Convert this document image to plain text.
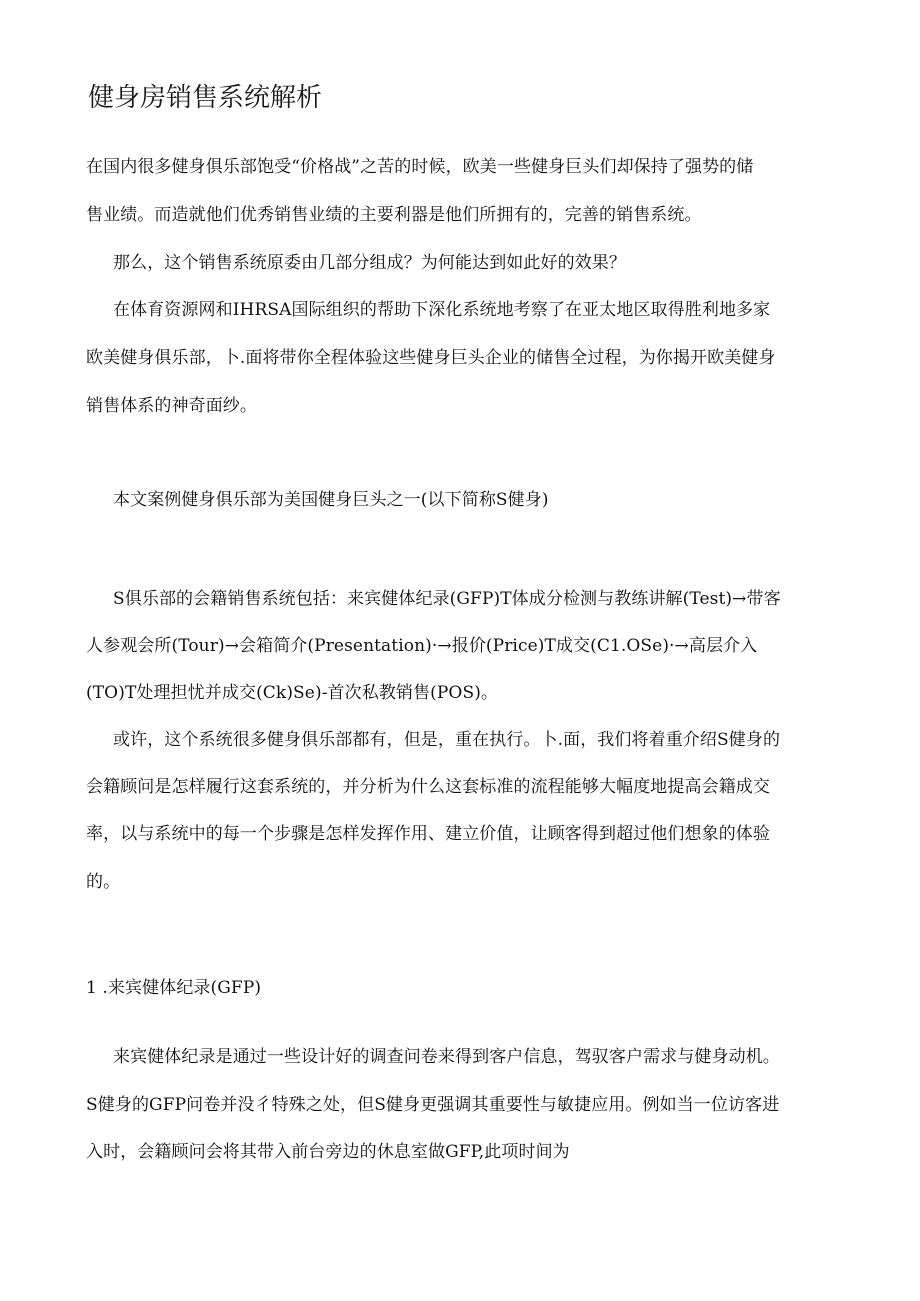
健身房销售系统解析
在国内很多健身俱乐部饱受“价格战”之苦的时候，欧美一些健身巨头们却保持了强势的储
售业绩。而造就他们优秀销售业绩的主要利器是他们所拥有的，完善的销售系统。
那么，这个销售系统原委由几部分组成？为何能达到如此好的效果？
在体育资源网和IHRSA国际组织的帮助下深化系统地考察了在亚太地区取得胜利地多家
欧美健身俱乐部，卜.面将带你全程体验这些健身巨头企业的储售全过程，为你揭开欧美健身
销售体系的神奇面纱。
本文案例健身俱乐部为美国健身巨头之一(以下简称S健身)
S俱乐部的会籍销售系统包括：来宾健体纪录(GFP)T体成分检测与教练讲解(Test)→带客
人参观会所(Tour)→会箱简介(Presentation)·→报价(Price)T成交(C1.OSe)·→高层介入
(TO)T处理担忧并成交(Ck)Se)-首次私教销售(POS)。
或许，这个系统很多健身俱乐部都有，但是，重在执行。卜.面，我们将着重介绍S健身的
会籍顾问是怎样履行这套系统的，并分析为什么这套标准的流程能够大幅度地提高会籍成交
率，以与系统中的每一个步骤是怎样发挥作用、建立价值，让顾客得到超过他们想象的体验
的。
1 .来宾健体纪录(GFP)
来宾健体纪录是通过一些设计好的调查问卷来得到客户信息，驾驭客户需求与健身动机。
S健身的GFP问卷并没彳特殊之处，但S健身更强调其重要性与敏捷应用。例如当一位访客进
入时，会籍顾问会将其带入前台旁边的休息室做GFP,此项时间为
